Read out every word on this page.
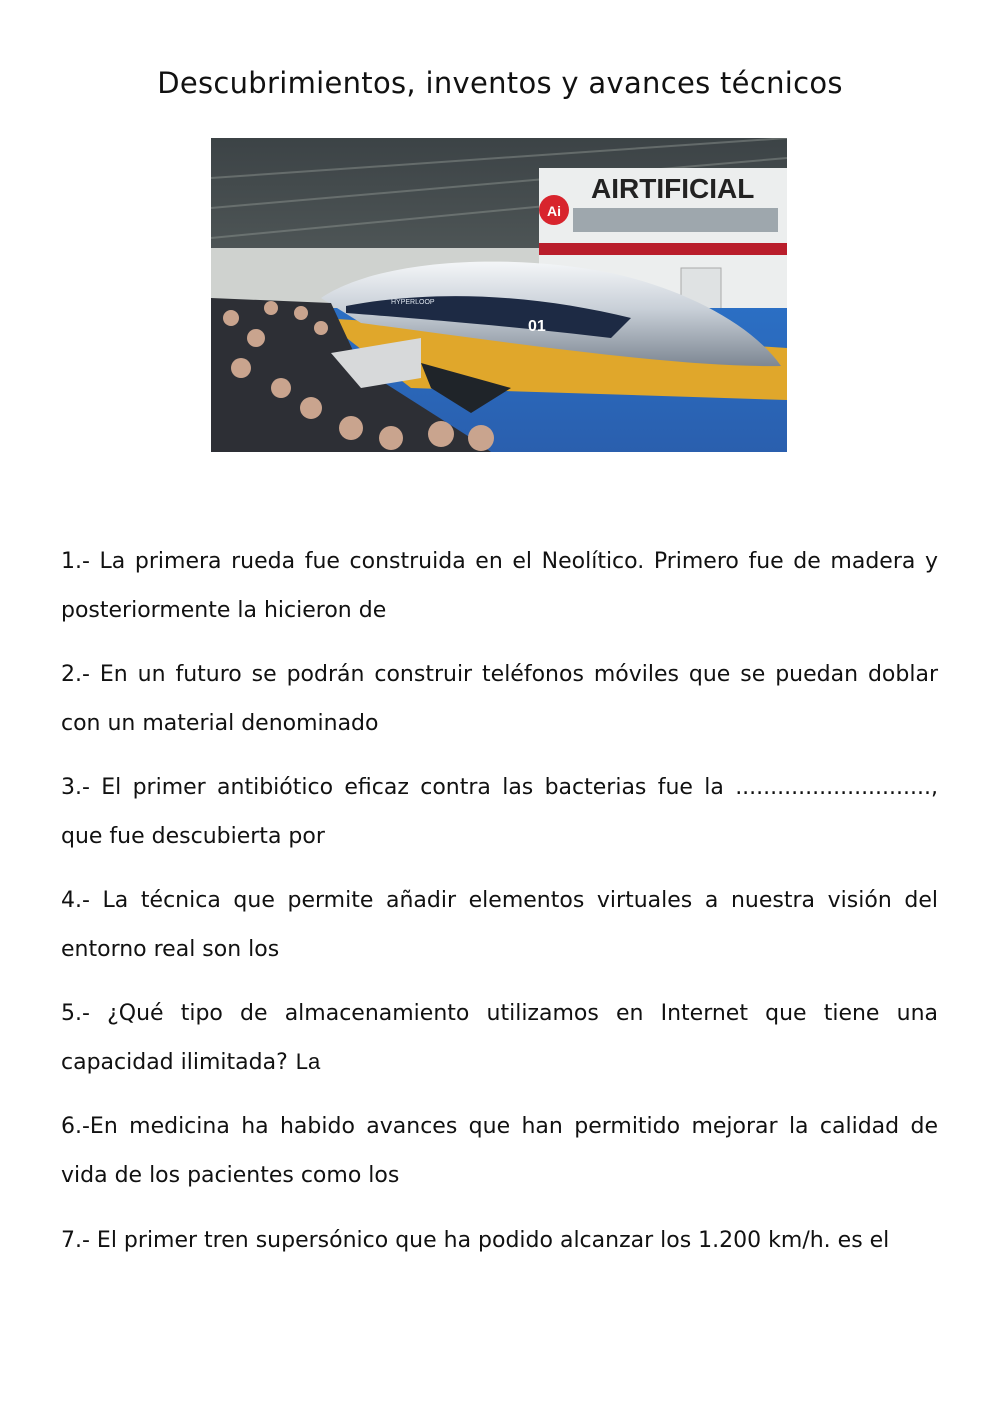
Descubrimientos, inventos y avances técnicos
Ai
AIRTIFICIAL
01
HYPERLOOP

1.- La primera rueda fue construida en el Neolítico. Primero fue de madera y posteriormente la hicieron de

2.- En un futuro se podrán construir teléfonos móviles que se puedan doblar con un material denominado

3.- El primer antibiótico eficaz contra las bacterias fue la ............................, que fue descubierta por

4.- La técnica que permite añadir elementos virtuales a nuestra visión del entorno real son los

5.- ¿Qué tipo de almacenamiento utilizamos en Internet que tiene una capacidad ilimitada? La

6.-En medicina ha habido avances que han permitido mejorar la calidad de vida de los pacientes como los

7.- El primer tren supersónico que ha podido alcanzar los 1.200 km/h. es el
